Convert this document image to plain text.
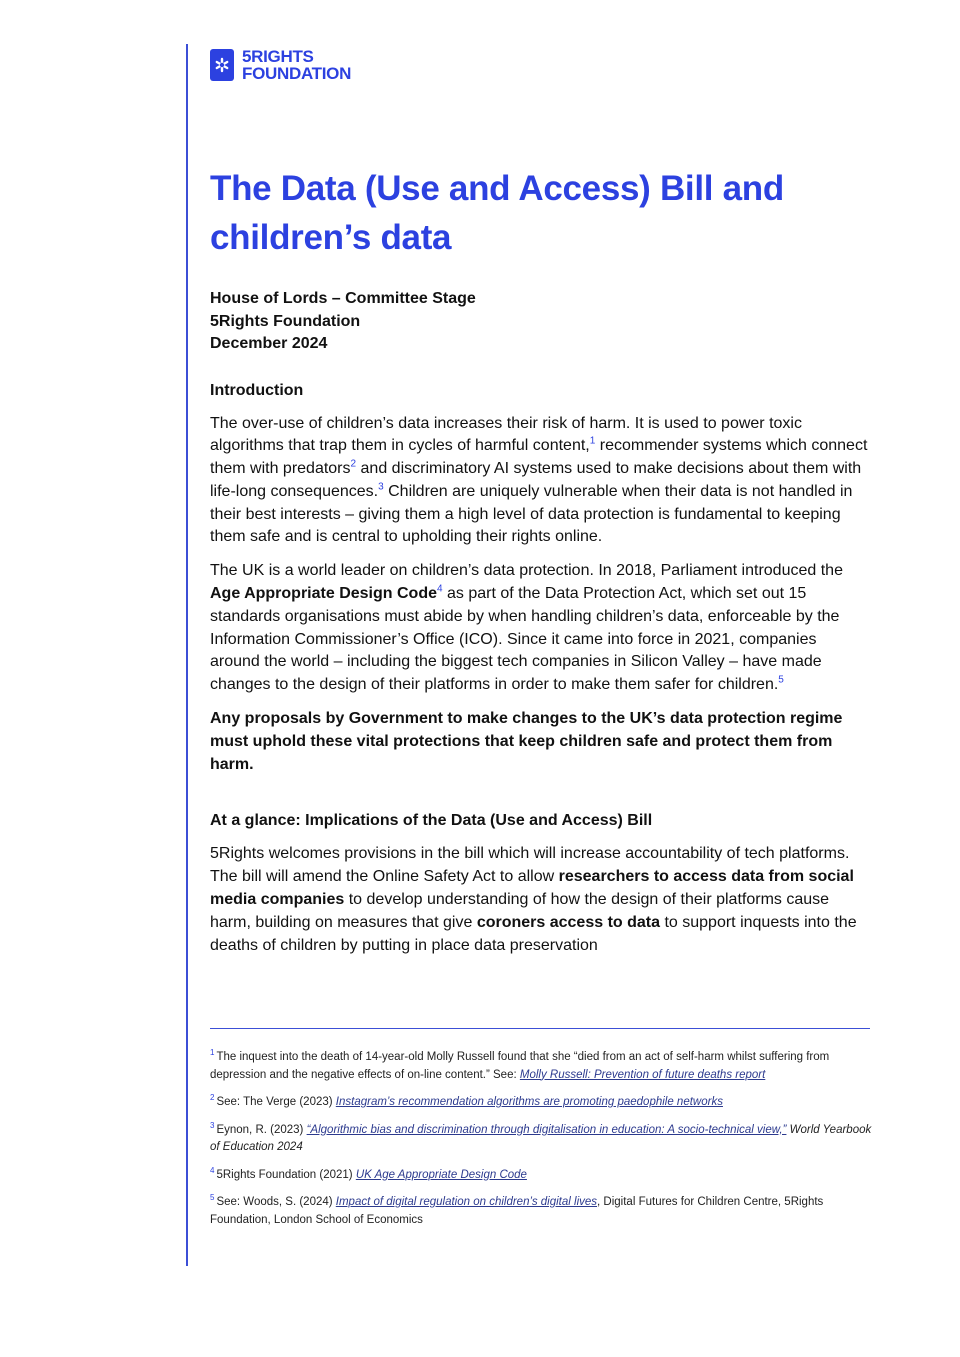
5RIGHTS
FOUNDATION
The Data (Use and Access) Bill and children’s data
House of Lords – Committee Stage
5Rights Foundation
December 2024
Introduction

The over-use of children’s data increases their risk of harm. It is used to power toxic algorithms that trap them in cycles of harmful content,$^1$ recommender systems which connect them with predators$^2$ and discriminatory AI systems used to make decisions about them with life-long consequences.$^3$ Children are uniquely vulnerable when their data is not handled in their best interests – giving them a high level of data protection is fundamental to keeping them safe and is central to upholding their rights online.

The UK is a world leader on children’s data protection. In 2018, Parliament introduced the Age Appropriate Design Code$^4$ as part of the Data Protection Act, which set out 15 standards organisations must abide by when handling children’s data, enforceable by the Information Commissioner’s Office (ICO). Since it came into force in 2021, companies around the world – including the biggest tech companies in Silicon Valley – have made changes to the design of their platforms in order to make them safer for children.$^5$

Any proposals by Government to make changes to the UK’s data protection regime must uphold these vital protections that keep children safe and protect them from harm.

At a glance: Implications of the Data (Use and Access) Bill

5Rights welcomes provisions in the bill which will increase accountability of tech platforms. The bill will amend the Online Safety Act to allow researchers to access data from social media companies to develop understanding of how the design of their platforms cause harm, building on measures that give coroners access to data to support inquests into the deaths of children by putting in place data preservation

$^1$ The inquest into the death of 14-year-old Molly Russell found that she “died from an act of self-harm whilst suffering from depression and the negative effects of on-line content.” See: Molly Russell: Prevention of future deaths report
$^2$ See: The Verge (2023) Instagram’s recommendation algorithms are promoting paedophile networks
$^3$ Eynon, R. (2023) “Algorithmic bias and discrimination through digitalisation in education: A socio-technical view,” World Yearbook of Education 2024
$^4$ 5Rights Foundation (2021) UK Age Appropriate Design Code
$^5$ See: Woods, S. (2024) Impact of digital regulation on children’s digital lives, Digital Futures for Children Centre, 5Rights Foundation, London School of Economics
